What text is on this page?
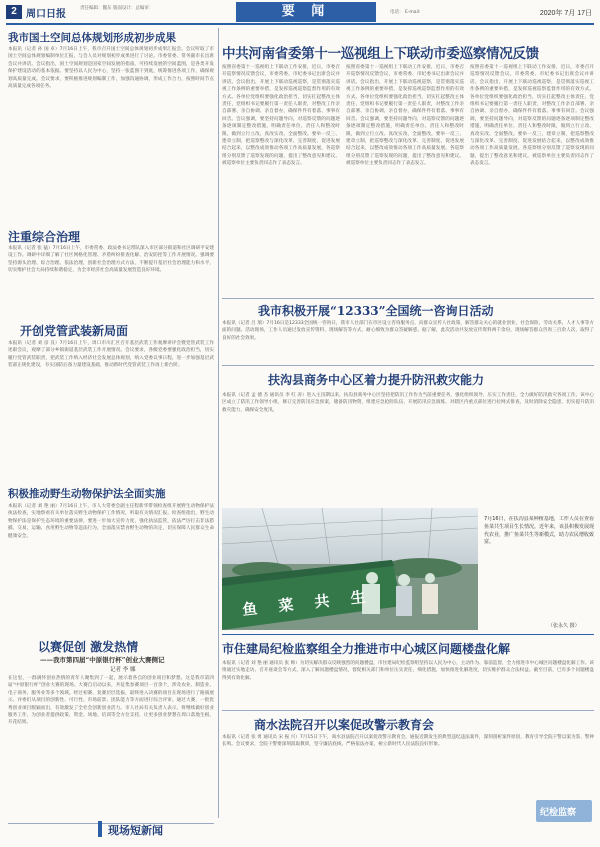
2 周口日报
责任编辑：魏东 版面设计：总编审：
电话： E-mail:
要 闻	2020年 7月 17日
我市国土空间总体规划形成初步成果
本报讯（记者 孙 国 卓）7月16日上午，我市召开国土空间总体规划初步成果汇报会。会议听取了市国土空间总体规划编制单位汇报，与会人员对规划初步成果进行了讨论。市委常委、常务副市长出席会议并讲话。会议指出，国土空间规划是国家空间发展的指南、可持续发展的空间蓝图，是各类开发保护建设活动的基本依据。要坚持以人民为中心，坚持一张蓝图干到底，统筹推进各项工作，确保规划高质量完成。会议要求，要积极推进规划编制工作，加强沟通协调，形成工作合力，按照时间节点高质量完成各项任务。
注重综合治理
本报讯（记者 张 猛）7月16日上午，市委常委、政法委书记带队深入市区部分街道和社区调研平安建设工作。调研中详细了解了社区网格化管理、矛盾纠纷排查化解、治安防控等工作开展情况。强调要坚持源头治理、综合治理、依法治理，创新社会治理方式方法，不断提升基层社会治理能力和水平，切实维护社会大局持续和谐稳定，为全市经济社会高质量发展营造良好环境。
开创党管武装新局面
本报讯（记者 刘 彦 良）7月16日上午，周口市川汇区召开基层武装工作观摩讲评会暨党管武装工作述职会议，观摩了部分乡镇街道基层武装工作开展情况。会议要求，各级党委要强化政治担当，切实履行党管武装职责，把武装工作纳入经济社会发展总体规划，纳入党委议事日程，进一步加强基层武装部正规化建设，夯实国防后备力量建设基础，推动新时代党管武装工作再上新台阶。
积极推动野生动物保护法全面实施
本报讯（记者 刘 艳 丽）7月16日上午，市人大常委会副主任程新华带领检查组开展野生动物保护法执法检查，实地察看有关单位落实野生动物保护工作情况，听取有关情况汇报。检查组指出，野生动物保护法是保护生态环境的重要法律，要进一步加大宣传力度，强化执法监管，依法严厉打击非法猎捕、交易、运输、食用野生动物等违法行为，全面落实禁食野生动物的决定，切实保障人民群众生命健康安全。
以赛促创 激发热情
——我市第四届“中原银行杯”创业大赛侧记
记者 李 娜
在这里，一群满怀创业热情的青年人聚集到了一起，展示着各自的创业项目和梦想。这是我市第四届“中原银行杯”创业大赛的现场。大赛自启动以来，共征集参赛项目一百余个，涉及农业、制造业、电子商务、服务业等多个领域。经过初赛、复赛层层选拔，最终进入决赛的项目在现场进行了路演展示。评委们从项目的创新性、可行性、市场前景、团队能力等方面进行综合评审。通过大赛，一批优秀创业项目脱颖而出，有效激发了全社会创新创业活力。市人社局有关负责人表示，将继续做好创业服务工作，为创业者提供政策、资金、场地、培训等全方位支持，让更多创业梦想在周口落地生根、开花结果。
现场短新闻
中共河南省委第十一巡视组上下联动市委巡察情况反馈
按照省委第十一巡视组上下联动工作安排，近日，市委召开巡察情况反馈会议，市委常委、市纪委书记出席会议并讲话。会议指出，开展上下联动巡视巡察，是贯彻落实巡视工作条例的重要举措，是发挥巡视巡察监督作用的有效方式。各单位党组织要强化政治担当，切实扛起整改主体责任，党组织书记要履行第一责任人职责，对整改工作亲自部署、亲自协调、亲自督办，确保件件有着落、事事有回音。会议强调，要坚持问题导向，对巡察反馈的问题逐条逐项制定整改措施，明确责任单位、责任人和整改时限，做到立行立改、真改实改、全面整改。要举一反三、建章立制，把巡察整改与深化改革、完善制度、促进发展结合起来，以整改成效推动各项工作高质量发展。各巡察组分别反馈了巡察发现的问题，提出了整改意见和建议。被巡察单位主要负责同志作了表态发言。
按照省委第十一巡视组上下联动工作安排，近日，市委召开巡察情况反馈会议，市委常委、市纪委书记出席会议并讲话。会议指出，开展上下联动巡视巡察，是贯彻落实巡视工作条例的重要举措，是发挥巡视巡察监督作用的有效方式。各单位党组织要强化政治担当，切实扛起整改主体责任，党组织书记要履行第一责任人职责，对整改工作亲自部署、亲自协调、亲自督办，确保件件有着落、事事有回音。会议强调，要坚持问题导向，对巡察反馈的问题逐条逐项制定整改措施，明确责任单位、责任人和整改时限，做到立行立改、真改实改、全面整改。要举一反三、建章立制，把巡察整改与深化改革、完善制度、促进发展结合起来，以整改成效推动各项工作高质量发展。各巡察组分别反馈了巡察发现的问题，提出了整改意见和建议。被巡察单位主要负责同志作了表态发言。
按照省委第十一巡视组上下联动工作安排，近日，市委召开巡察情况反馈会议，市委常委、市纪委书记出席会议并讲话。会议指出，开展上下联动巡视巡察，是贯彻落实巡视工作条例的重要举措，是发挥巡视巡察监督作用的有效方式。各单位党组织要强化政治担当，切实扛起整改主体责任，党组织书记要履行第一责任人职责，对整改工作亲自部署、亲自协调、亲自督办，确保件件有着落、事事有回音。会议强调，要坚持问题导向，对巡察反馈的问题逐条逐项制定整改措施，明确责任单位、责任人和整改时限，做到立行立改、真改实改、全面整改。要举一反三、建章立制，把巡察整改与深化改革、完善制度、促进发展结合起来，以整改成效推动各项工作高质量发展。各巡察组分别反馈了巡察发现的问题，提出了整改意见和建议。被巡察单位主要负责同志作了表态发言。
我市积极开展“12333”全国统一咨询日活动
本报讯（记者 吕 瑞）7月16日是12333全国统一咨询日，我市人社部门在市区设立咨询服务点，向群众宣传人社政策，解答群众关心的就业创业、社会保险、劳动关系、人才人事等方面的问题。活动现场，工作人员通过发放宣传资料、现场解答等方式，耐心细致为群众答疑解惑。据了解，此次活动共发放宣传资料两千余份，现场解答群众咨询三百余人次，取得了良好的社会效果。
扶沟县商务中心区着力提升防汛救灾能力
本报讯（记者 孟 德 杰 通讯员 李 红 涛）进入主汛期以来，扶沟县商务中心区坚持把防汛工作作为当前重要任务，强化组织领导，压实工作责任，全力做好防汛救灾各项工作。该中心区成立了防汛工作领导小组，修订完善防汛应急预案，储备防汛物资，组建应急抢险队伍，开展防汛应急演练，对辖区内重点部位进行拉网式排查，及时消除安全隐患，切实提升防汛救灾能力，确保安全度汛。
鱼 菜 共 生
7月16日，在扶沟县某种植基地，工作人员在查看鱼菜共生项目生长情况。近年来，该县积极发展现代农业，推广鱼菜共生等新模式，助力农民增收致富。
（张永久 摄）
市住建局纪检监察组全力推进市中心城区问题楼盘化解
本报讯（记者 刘 艳 丽 通讯员 张 帅）为切实解决群众反映强烈的问题楼盘，市住建局纪检监察组坚持以人民为中心，主动作为、靠前监督，全力推进市中心城区问题楼盘化解工作。该组通过实地走访、召开座谈会等方式，深入了解问题楼盘情况，督促相关部门和单位压实责任，细化措施，加快推进化解进度，切实维护群众合法权益。截至目前，已有多个问题楼盘得到有效化解。
商水法院召开以案促改警示教育会
本报讯（记者 张 勇 通讯员 宋 振 兴）7月15日下午，商水县法院召开以案促改警示教育会，通报近期发生的典型违纪违法案件，深刻剖析案件原因，教育引导全院干警以案为鉴、警钟长鸣。会议要求，全院干警要深刻汲取教训，坚守廉洁底线，严格依法办案，树立新时代人民法院良好形象。
纪检监察
